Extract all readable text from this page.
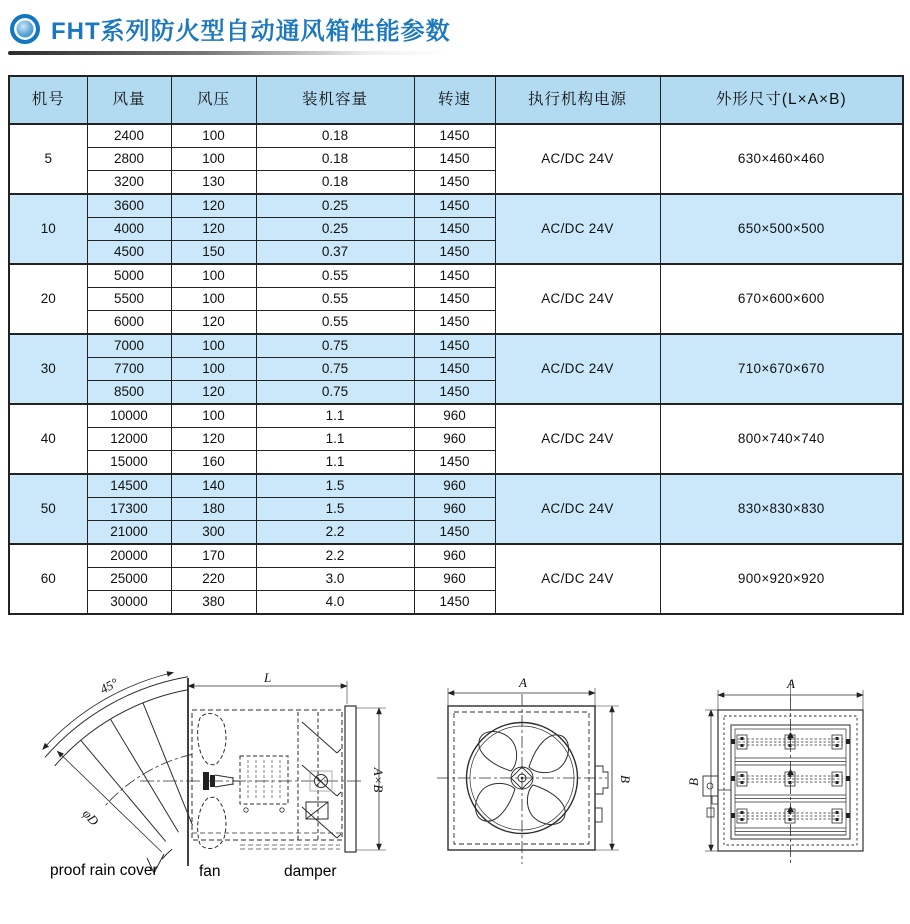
FHT系列防火型自动通风箱性能参数
机号	风量	风压	装机容量	转速	执行机构电源	外形尺寸(L×A×B)
5	2400	100	0.18	1450	AC/DC 24V	630×460×460
	2800	100	0.18	1450		
	3200	130	0.18	1450		
10	3600	120	0.25	1450	AC/DC 24V	650×500×500
	4000	120	0.25	1450		
	4500	150	0.37	1450		
20	5000	100	0.55	1450	AC/DC 24V	670×600×600
	5500	100	0.55	1450		
	6000	120	0.55	1450		
30	7000	100	0.75	1450	AC/DC 24V	710×670×670
	7700	100	0.75	1450		
	8500	120	0.75	1450		
40	10000	100	1.1	960	AC/DC 24V	800×740×740
	12000	120	1.1	960		
	15000	160	1.1	1450		
50	14500	140	1.5	960	AC/DC 24V	830×830×830
	17300	180	1.5	960		
	21000	300	2.2	1450		
60	20000	170	2.2	960	AC/DC 24V	900×920×920
	25000	220	3.0	960		
	30000	380	4.0	1450		
L
A×B
45°
φD
proof rain cover	fan	damper
A
B
A
B
